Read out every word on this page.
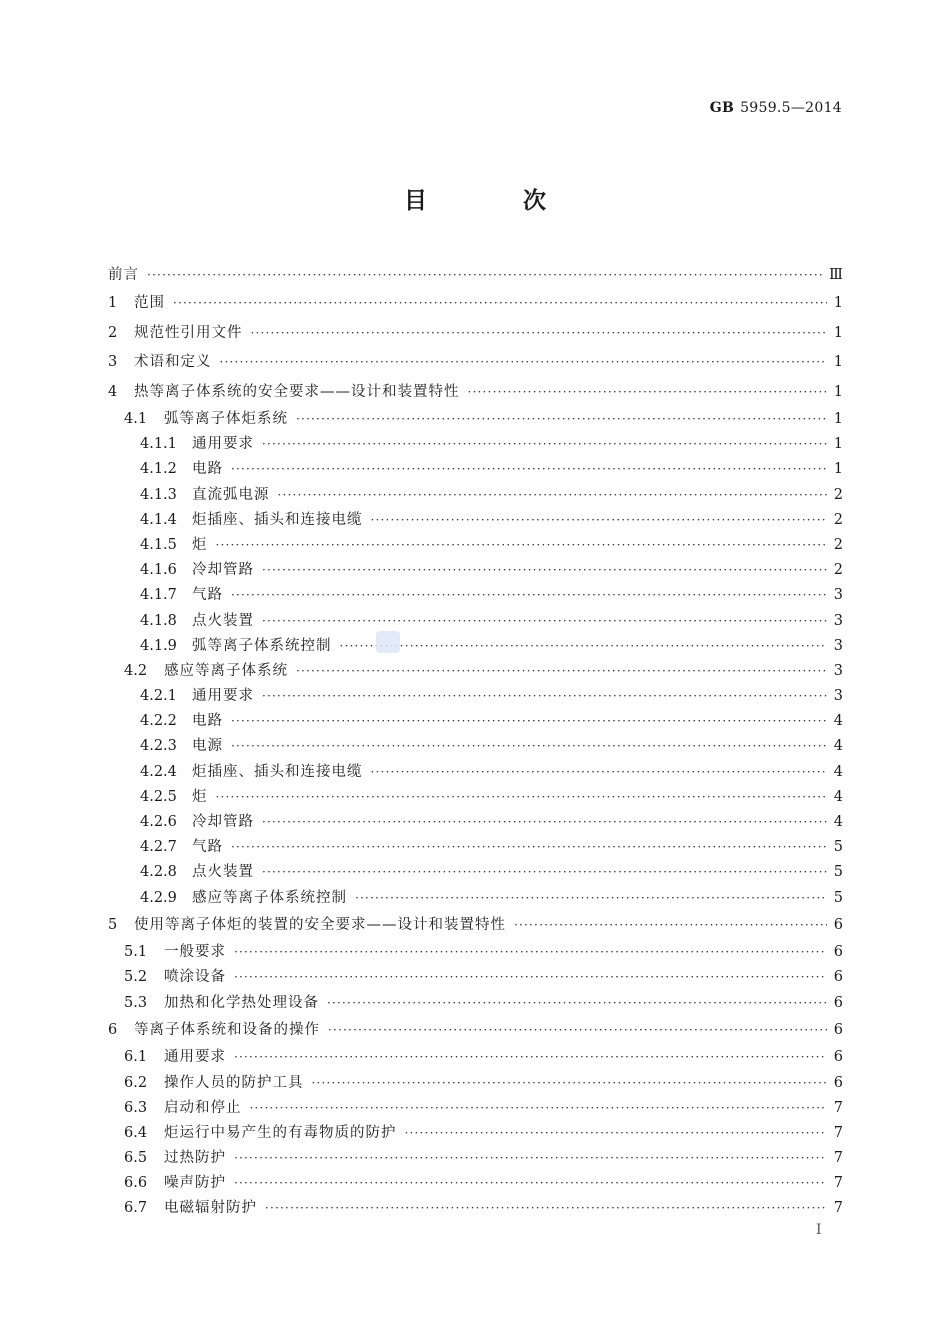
GB 5959.5—2014
目 次
前言 ·····	Ⅲ
1	范围 ·····	1
2	规范性引用文件 ·····	1
3	术语和定义 ·····	1
4	热等离子体系统的安全要求——设计和装置特性 ·····	1
4.1	弧等离子体炬系统 ·····	1
4.1.1	通用要求 ·····	1
4.1.2	电路 ·····	1
4.1.3	直流弧电源 ·····	2
4.1.4	炬插座、插头和连接电缆 ·····	2
4.1.5	炬 ·····	2
4.1.6	冷却管路 ·····	2
4.1.7	气路 ·····	3
4.1.8	点火装置 ·····	3
4.1.9	弧等离子体系统控制 ·····	3
4.2	感应等离子体系统 ·····	3
4.2.1	通用要求 ·····	3
4.2.2	电路 ·····	4
4.2.3	电源 ·····	4
4.2.4	炬插座、插头和连接电缆 ·····	4
4.2.5	炬 ·····	4
4.2.6	冷却管路 ·····	4
4.2.7	气路 ·····	5
4.2.8	点火装置 ·····	5
4.2.9	感应等离子体系统控制 ·····	5
5	使用等离子体炬的装置的安全要求——设计和装置特性 ·····	6
5.1	一般要求 ·····	6
5.2	喷涂设备 ·····	6
5.3	加热和化学热处理设备 ·····	6
6	等离子体系统和设备的操作 ·····	6
6.1	通用要求 ·····	6
6.2	操作人员的防护工具 ·····	6
6.3	启动和停止 ·····	7
6.4	炬运行中易产生的有毒物质的防护 ·····	7
6.5	过热防护 ·····	7
6.6	噪声防护 ·····	7
6.7	电磁辐射防护 ·····	7
I
